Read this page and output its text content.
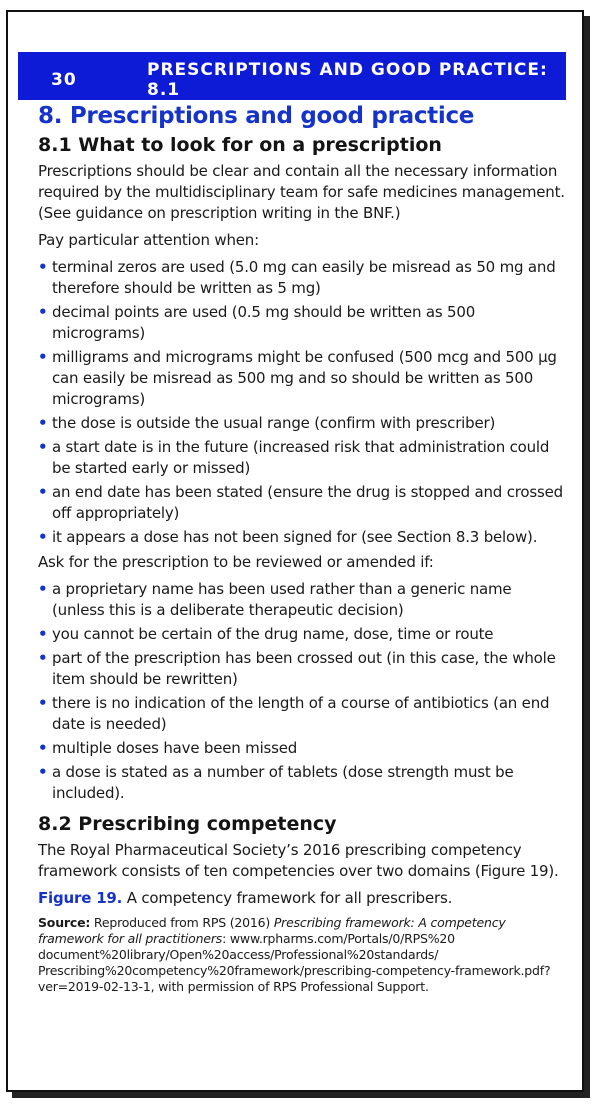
30	PRESCRIPTIONS AND GOOD PRACTICE: 8.1
8. Prescriptions and good practice
8.1 What to look for on a prescription

Prescriptions should be clear and contain all the necessary information required by the multidisciplinary team for safe medicines management. (See guidance on prescription writing in the BNF.)

Pay particular attention when:

• terminal zeros are used (5.0 mg can easily be misread as 50 mg and therefore should be written as 5 mg)
• decimal points are used (0.5 mg should be written as 500 micrograms)
• milligrams and micrograms might be confused (500 mcg and 500 µg can easily be misread as 500 mg and so should be written as 500 micrograms)
• the dose is outside the usual range (confirm with prescriber)
• a start date is in the future (increased risk that administration could be started early or missed)
• an end date has been stated (ensure the drug is stopped and crossed off appropriately)
• it appears a dose has not been signed for (see Section 8.3 below).

Ask for the prescription to be reviewed or amended if:

• a proprietary name has been used rather than a generic name (unless this is a deliberate therapeutic decision)
• you cannot be certain of the drug name, dose, time or route
• part of the prescription has been crossed out (in this case, the whole item should be rewritten)
• there is no indication of the length of a course of antibiotics (an end date is needed)
• multiple doses have been missed
• a dose is stated as a number of tablets (dose strength must be included).
8.2 Prescribing competency

The Royal Pharmaceutical Society’s 2016 prescribing competency framework consists of ten competencies over two domains (Figure 19).

Figure 19. A competency framework for all prescribers.

Source: Reproduced from RPS (2016) Prescribing framework: A competency framework for all practitioners: www.rpharms.com/Portals/0/RPS%20 document%20library/Open%20access/Professional%20standards/ Prescribing%20competency%20framework/prescribing-competency-framework.pdf?ver=2019-02-13-1, with permission of RPS Professional Support.
